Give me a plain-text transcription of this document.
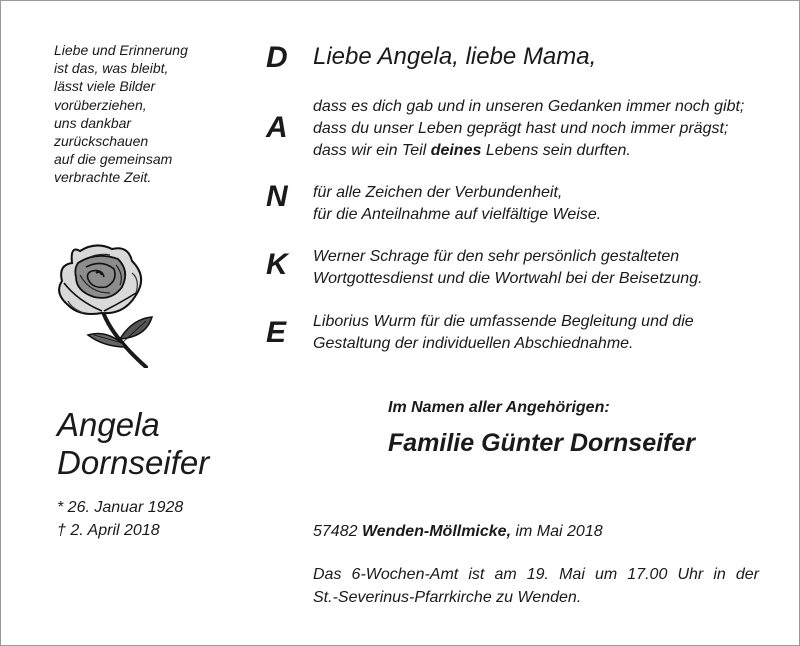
Liebe und Erinnerung
ist das, was bleibt,
lässt viele Bilder
vorüberziehen,
uns dankbar
zurückschauen
auf die gemeinsam
verbrachte Zeit.
Angela
Dornseifer
* 26. Januar 1928
† 2. April 2018
D
A
N
K
E
Liebe Angela, liebe Mama,
dass es dich gab und in unseren Gedanken immer noch gibt;
dass du unser Leben geprägt hast und noch immer prägst;
dass wir ein Teil deines Lebens sein durften.
für alle Zeichen der Verbundenheit,
für die Anteilnahme auf vielfältige Weise.
Werner Schrage für den sehr persönlich gestalteten
Wortgottesdienst und die Wortwahl bei der Beisetzung.
Liborius Wurm für die umfassende Begleitung und die
Gestaltung der individuellen Abschiednahme.
Im Namen aller Angehörigen:
Familie Günter Dornseifer
57482 Wenden-Möllmicke, im Mai 2018
Das 6-Wochen-Amt ist am 19. Mai um 17.00 Uhr in der
St.-Severinus-Pfarrkirche zu Wenden.
